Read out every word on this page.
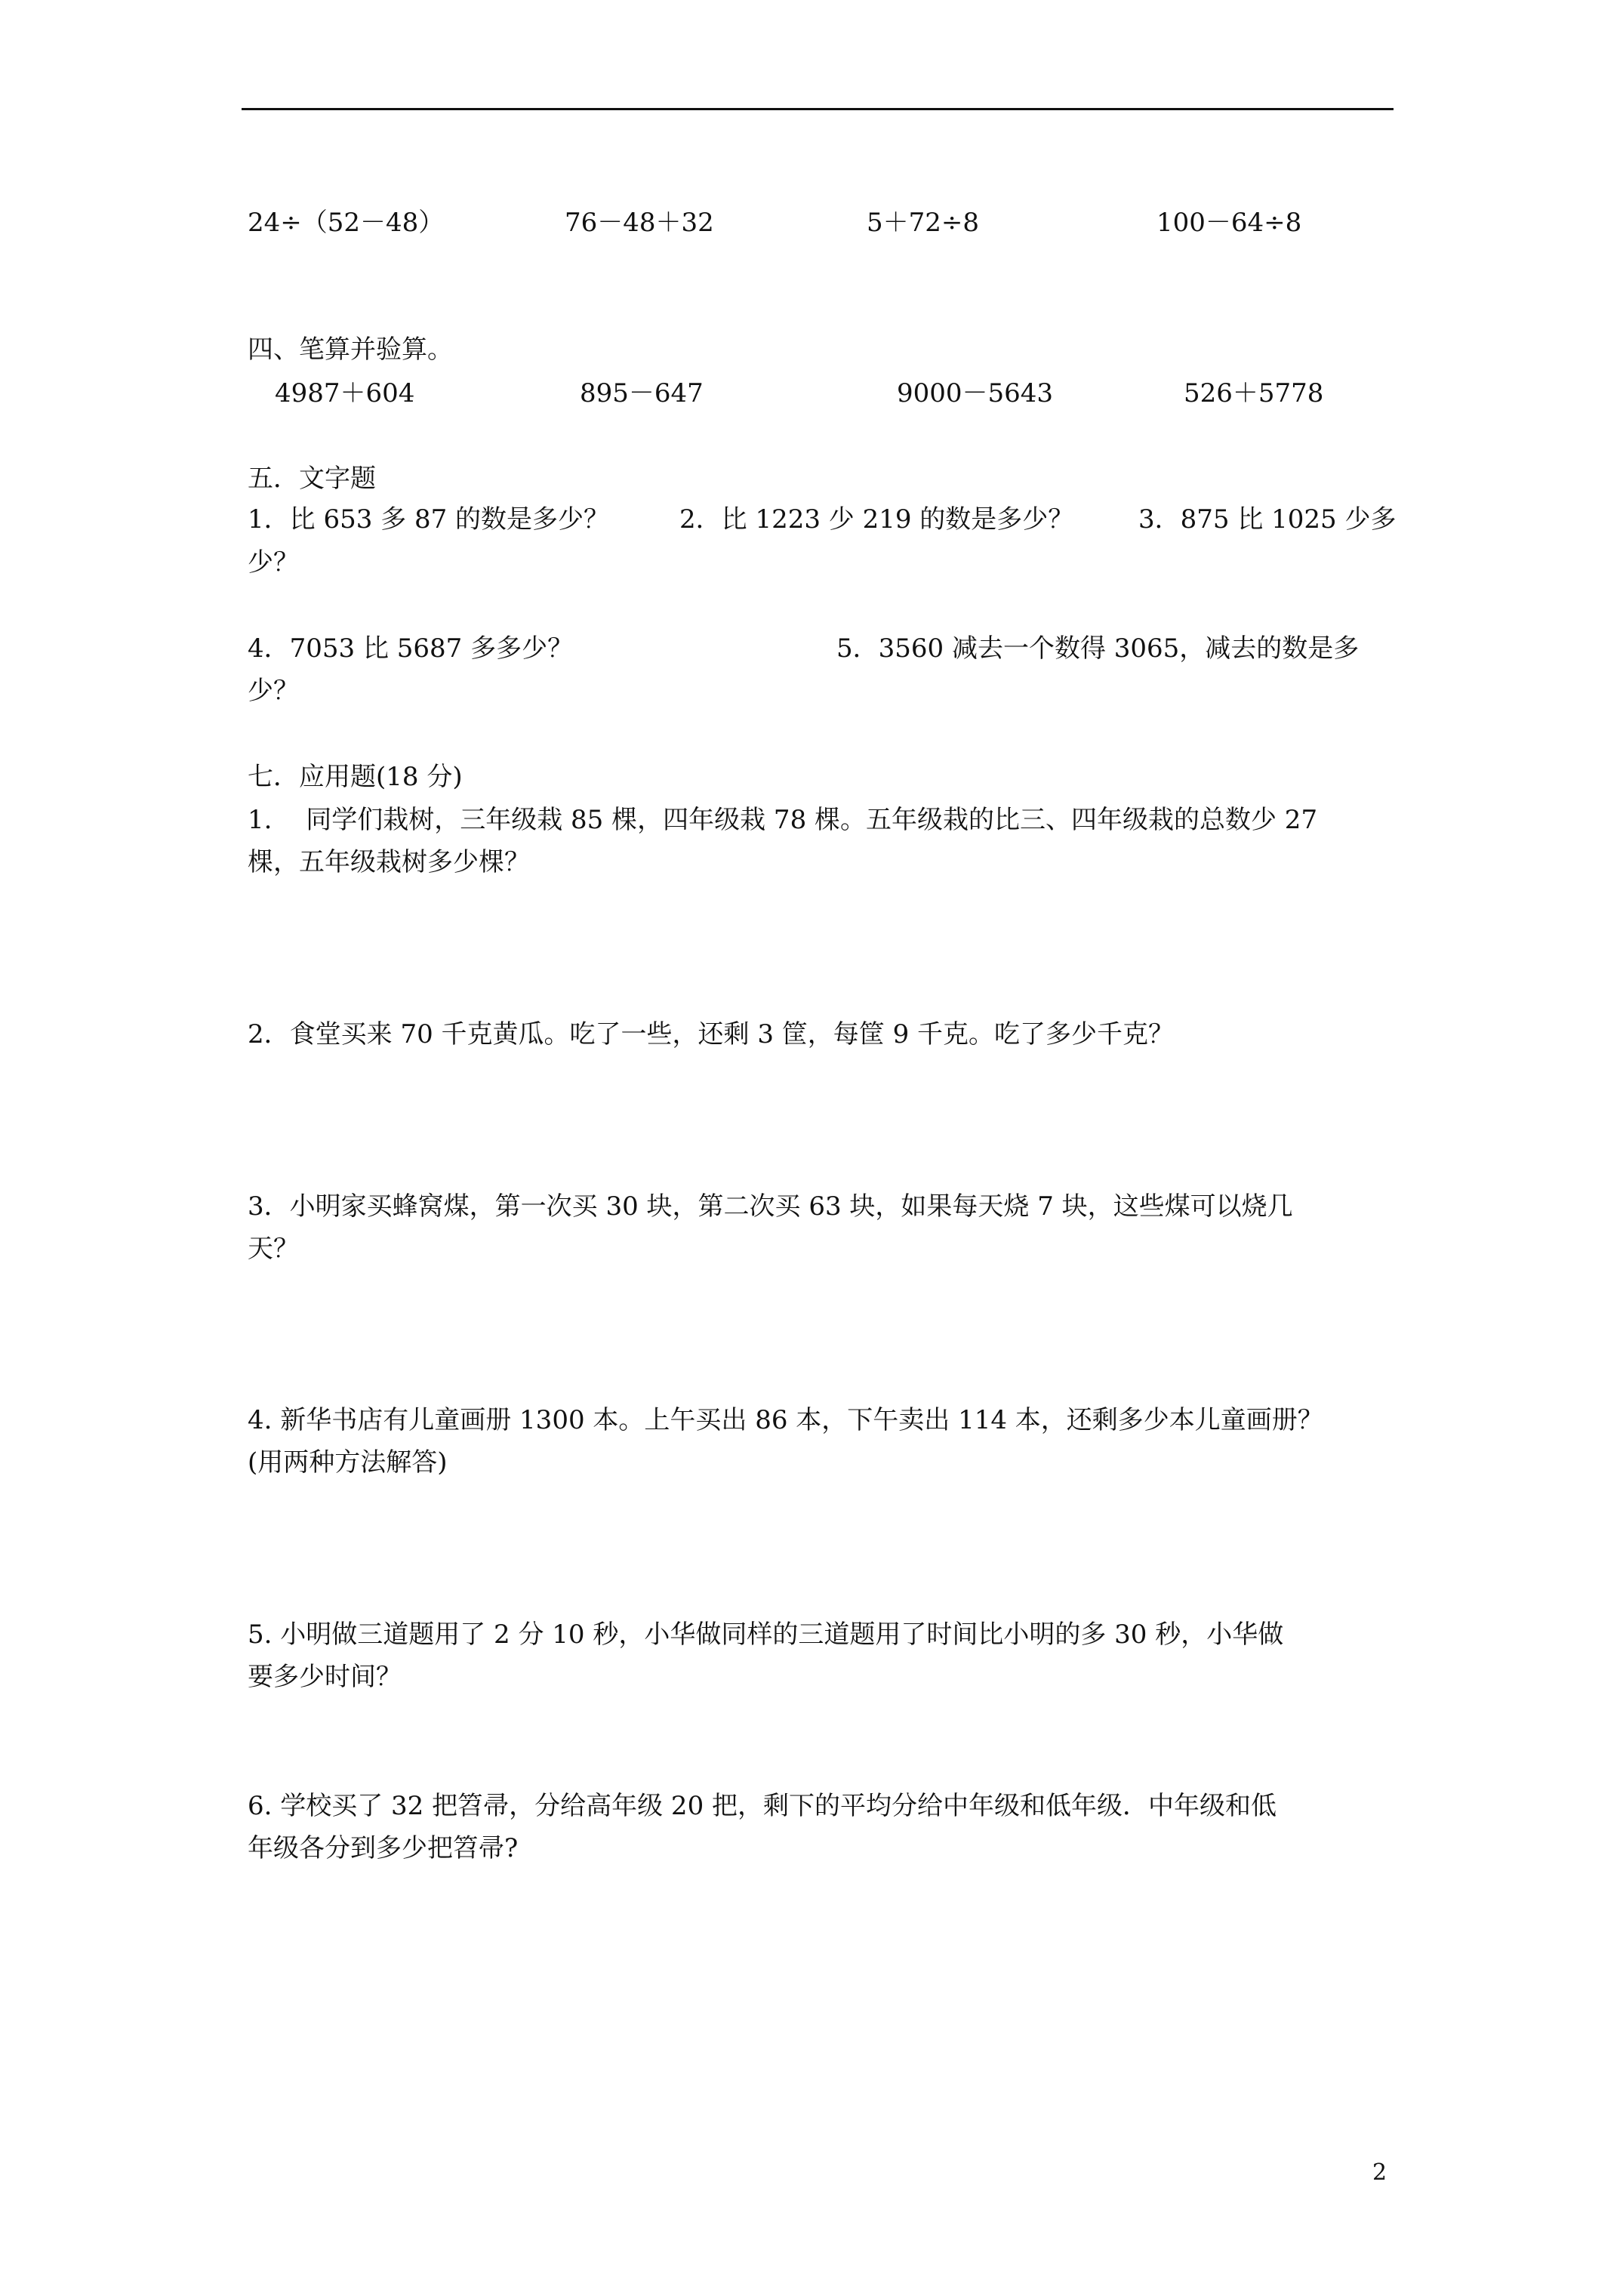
24÷（52－48）	76－48＋32	5＋72÷8	100－64÷8
四、笔算并验算。
4987＋604	895－647	9000－5643	526＋5778
五．文字题
1．比 653 多 87 的数是多少？	2．比 1223 少 219 的数是多少？	3．875 比 1025 少多
少？
4．7053 比 5687 多多少？	5．3560 减去一个数得 3065，减去的数是多
少？
七．应用题(18 分)
1.　 同学们栽树，三年级栽 85 棵，四年级栽 78 棵。五年级栽的比三、四年级栽的总数少 27
棵，五年级栽树多少棵？
2．食堂买来 70 千克黄瓜。吃了一些，还剩 3 筐，每筐 9 千克。吃了多少千克？
3．小明家买蜂窝煤，第一次买 30 块，第二次买 63 块，如果每天烧 7 块，这些煤可以烧几
天？
4. 新华书店有儿童画册 1300 本。上午买出 86 本，下午卖出 114 本，还剩多少本儿童画册？
(用两种方法解答)
5. 小明做三道题用了 2 分 10 秒，小华做同样的三道题用了时间比小明的多 30 秒，小华做
要多少时间？
6. 学校买了 32 把笤帚，分给高年级 20 把，剩下的平均分给中年级和低年级．中年级和低
年级各分到多少把笤帚?
2
